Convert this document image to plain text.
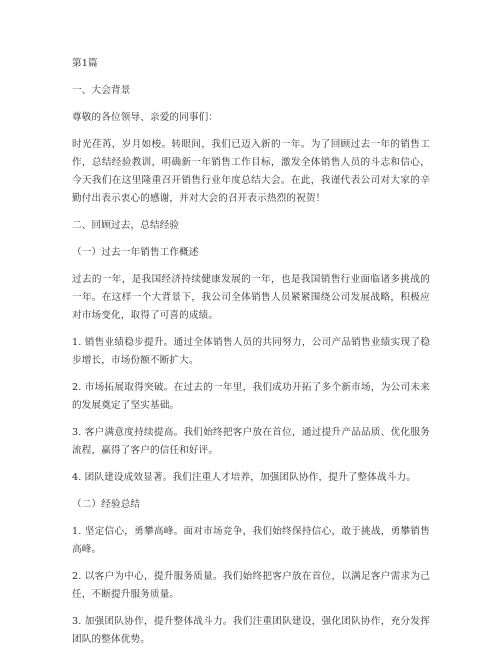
第1篇

一、大会背景

尊敬的各位领导、亲爱的同事们：

时光荏苒，岁月如梭。转眼间，我们已迈入新的一年。为了回顾过去一年的销售工作，总结经验教训，明确新一年销售工作目标，激发全体销售人员的斗志和信心，今天我们在这里隆重召开销售行业年度总结大会。在此，我谨代表公司对大家的辛勤付出表示衷心的感谢，并对大会的召开表示热烈的祝贺！

二、回顾过去，总结经验

（一）过去一年销售工作概述

过去的一年，是我国经济持续健康发展的一年，也是我国销售行业面临诸多挑战的一年。在这样一个大背景下，我公司全体销售人员紧紧围绕公司发展战略，积极应对市场变化，取得了可喜的成绩。

1. 销售业绩稳步提升。通过全体销售人员的共同努力，公司产品销售业绩实现了稳步增长，市场份额不断扩大。

2. 市场拓展取得突破。在过去的一年里，我们成功开拓了多个新市场，为公司未来的发展奠定了坚实基础。

3. 客户满意度持续提高。我们始终把客户放在首位，通过提升产品品质、优化服务流程，赢得了客户的信任和好评。

4. 团队建设成效显著。我们注重人才培养，加强团队协作，提升了整体战斗力。

（二）经验总结

1. 坚定信心，勇攀高峰。面对市场竞争，我们始终保持信心，敢于挑战，勇攀销售高峰。

2. 以客户为中心，提升服务质量。我们始终把客户放在首位，以满足客户需求为己任，不断提升服务质量。

3. 加强团队协作，提升整体战斗力。我们注重团队建设，强化团队协作，充分发挥团队的整体优势。
